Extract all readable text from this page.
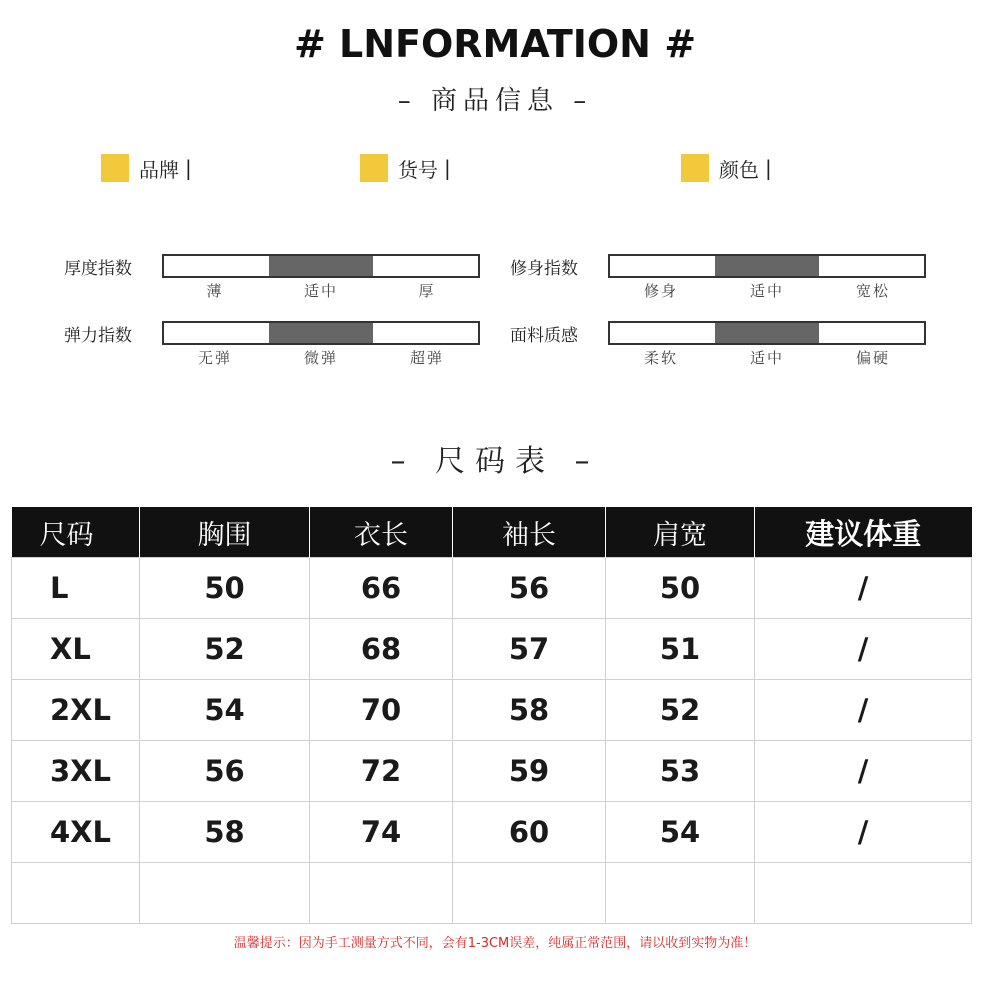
# LNFORMATION #
– 商品信息 –
品牌 |	货号 |	颜色 |
厚度指数
薄	适中	厚
修身指数
修身	适中	宽松
弹力指数
无弹	微弹	超弹
面料质感
柔软	适中	偏硬
– 尺码表 –
尺码	胸围	衣长	袖长	肩宽	建议体重
L	50	66	56	50	/
XL	52	68	57	51	/
2XL	54	70	58	52	/
3XL	56	72	59	53	/
4XL	58	74	60	54	/

温馨提示：因为手工测量方式不同，会有1-3CM误差，纯属正常范围，请以收到实物为准！
